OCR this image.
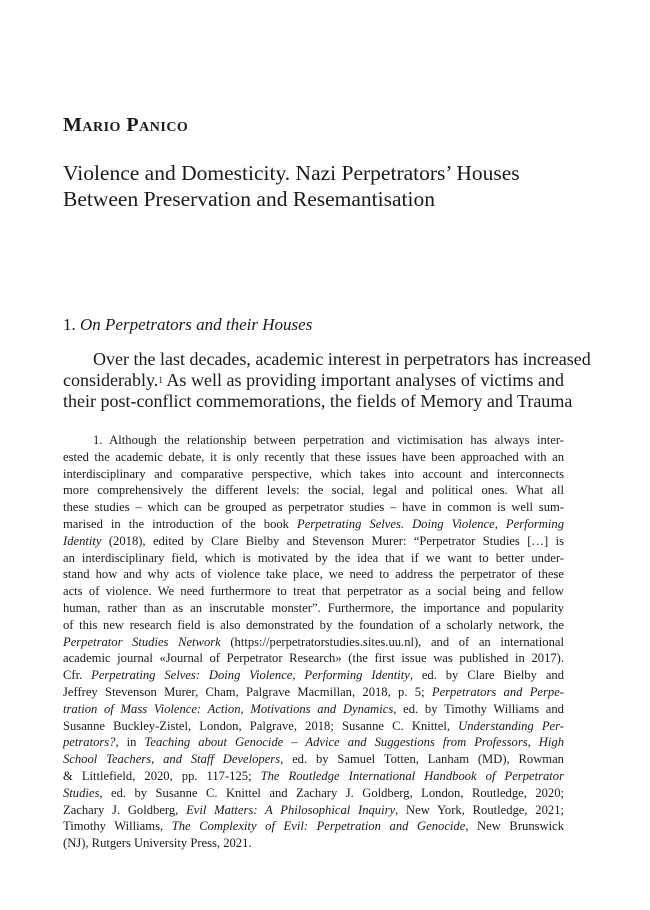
Mario Panico
Violence and Domesticity. Nazi Perpetrators’ Houses
Between Preservation and Resemantisation
1. On Perpetrators and their Houses
Over the last decades, academic interest in perpetrators has increased
considerably.$^1$ As well as providing important analyses of victims and
their post-conflict commemorations, the fields of Memory and Trauma
1. Although the relationship between perpetration and victimisation has always inter-
ested the academic debate, it is only recently that these issues have been approached with an
interdisciplinary and comparative perspective, which takes into account and interconnects
more comprehensively the different levels: the social, legal and political ones. What all
these studies – which can be grouped as perpetrator studies – have in common is well sum-
marised in the introduction of the book Perpetrating Selves. Doing Violence, Performing
Identity (2018), edited by Clare Bielby and Stevenson Murer: “Perpetrator Studies […] is
an interdisciplinary field, which is motivated by the idea that if we want to better under-
stand how and why acts of violence take place, we need to address the perpetrator of these
acts of violence. We need furthermore to treat that perpetrator as a social being and fellow
human, rather than as an inscrutable monster”. Furthermore, the importance and popularity
of this new research field is also demonstrated by the foundation of a scholarly network, the
Perpetrator Studies Network (https://perpetratorstudies.sites.uu.nl), and of an international
academic journal «Journal of Perpetrator Research» (the first issue was published in 2017).
Cfr. Perpetrating Selves: Doing Violence, Performing Identity, ed. by Clare Bielby and
Jeffrey Stevenson Murer, Cham, Palgrave Macmillan, 2018, p. 5; Perpetrators and Perpe-
tration of Mass Violence: Action, Motivations and Dynamics, ed. by Timothy Williams and
Susanne Buckley-Zistel, London, Palgrave, 2018; Susanne C. Knittel, Understanding Per-
petrators?, in Teaching about Genocide – Advice and Suggestions from Professors, High
School Teachers, and Staff Developers, ed. by Samuel Totten, Lanham (MD), Rowman
& Littlefield, 2020, pp. 117-125; The Routledge International Handbook of Perpetrator
Studies, ed. by Susanne C. Knittel and Zachary J. Goldberg, London, Routledge, 2020;
Zachary J. Goldberg, Evil Matters: A Philosophical Inquiry, New York, Routledge, 2021;
Timothy Williams, The Complexity of Evil: Perpetration and Genocide, New Brunswick
(NJ), Rutgers University Press, 2021.
